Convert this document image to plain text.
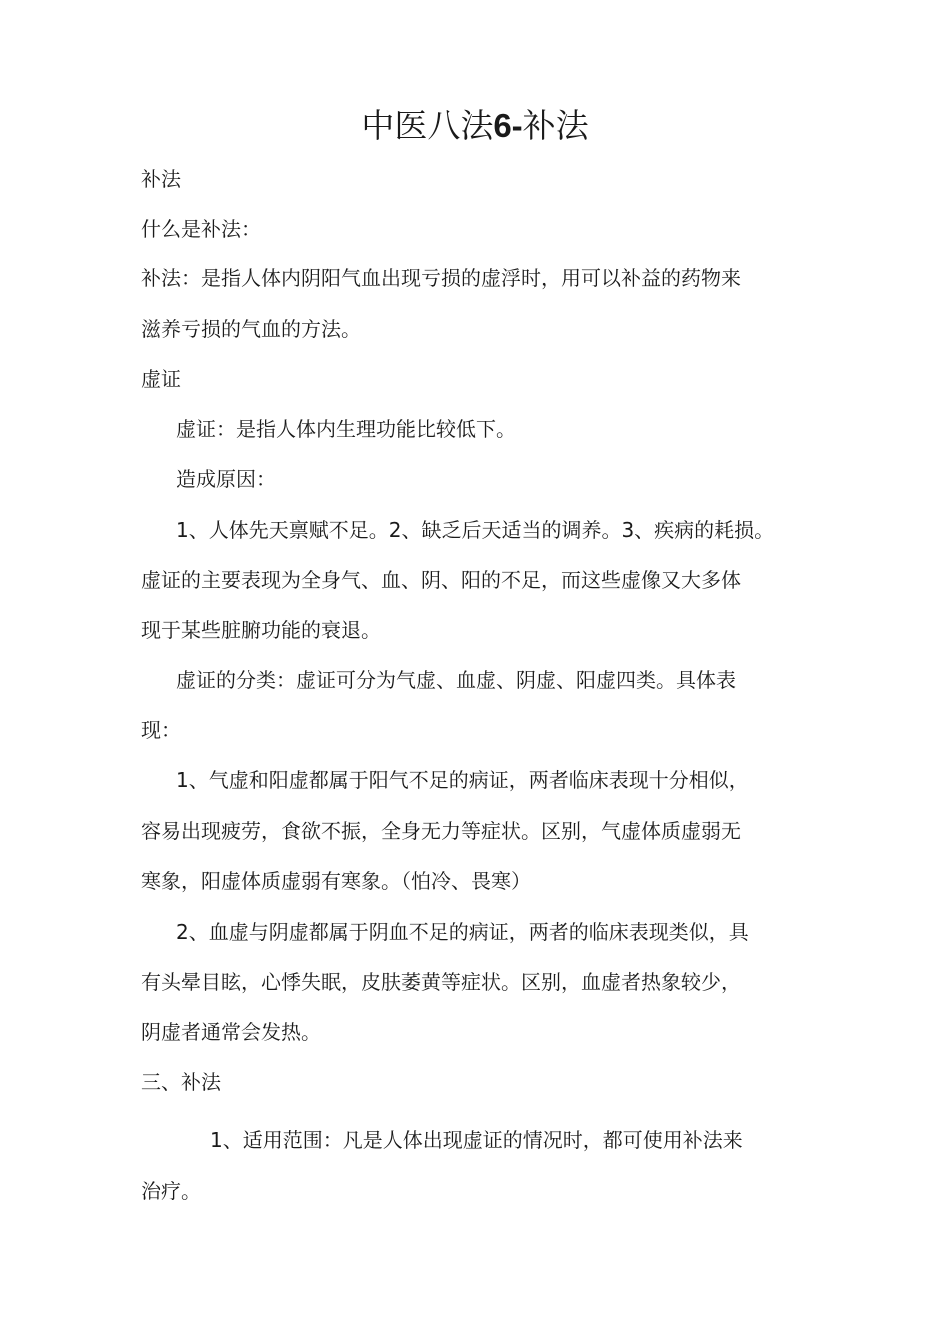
中医八法6-补法

补法

什么是补法：

补法：是指人体内阴阳气血出现亏损的虚浮时，用可以补益的药物来

滋养亏损的气血的方法。

虚证

虚证：是指人体内生理功能比较低下。

造成原因：

1、人体先天禀赋不足。2、缺乏后天适当的调养。3、疾病的耗损。

虚证的主要表现为全身气、血、阴、阳的不足，而这些虚像又大多体

现于某些脏腑功能的衰退。

虚证的分类：虚证可分为气虚、血虚、阴虚、阳虚四类。具体表

现：

1、气虚和阳虚都属于阳气不足的病证，两者临床表现十分相似，

容易出现疲劳，食欲不振，全身无力等症状。区别，气虚体质虚弱无

寒象，阳虚体质虚弱有寒象。（怕冷、畏寒）

2、血虚与阴虚都属于阴血不足的病证，两者的临床表现类似，具

有头晕目眩，心悸失眠，皮肤萎黄等症状。区别，血虚者热象较少，

阴虚者通常会发热。

三、补法

1、适用范围：凡是人体出现虚证的情况时，都可使用补法来

治疗。
